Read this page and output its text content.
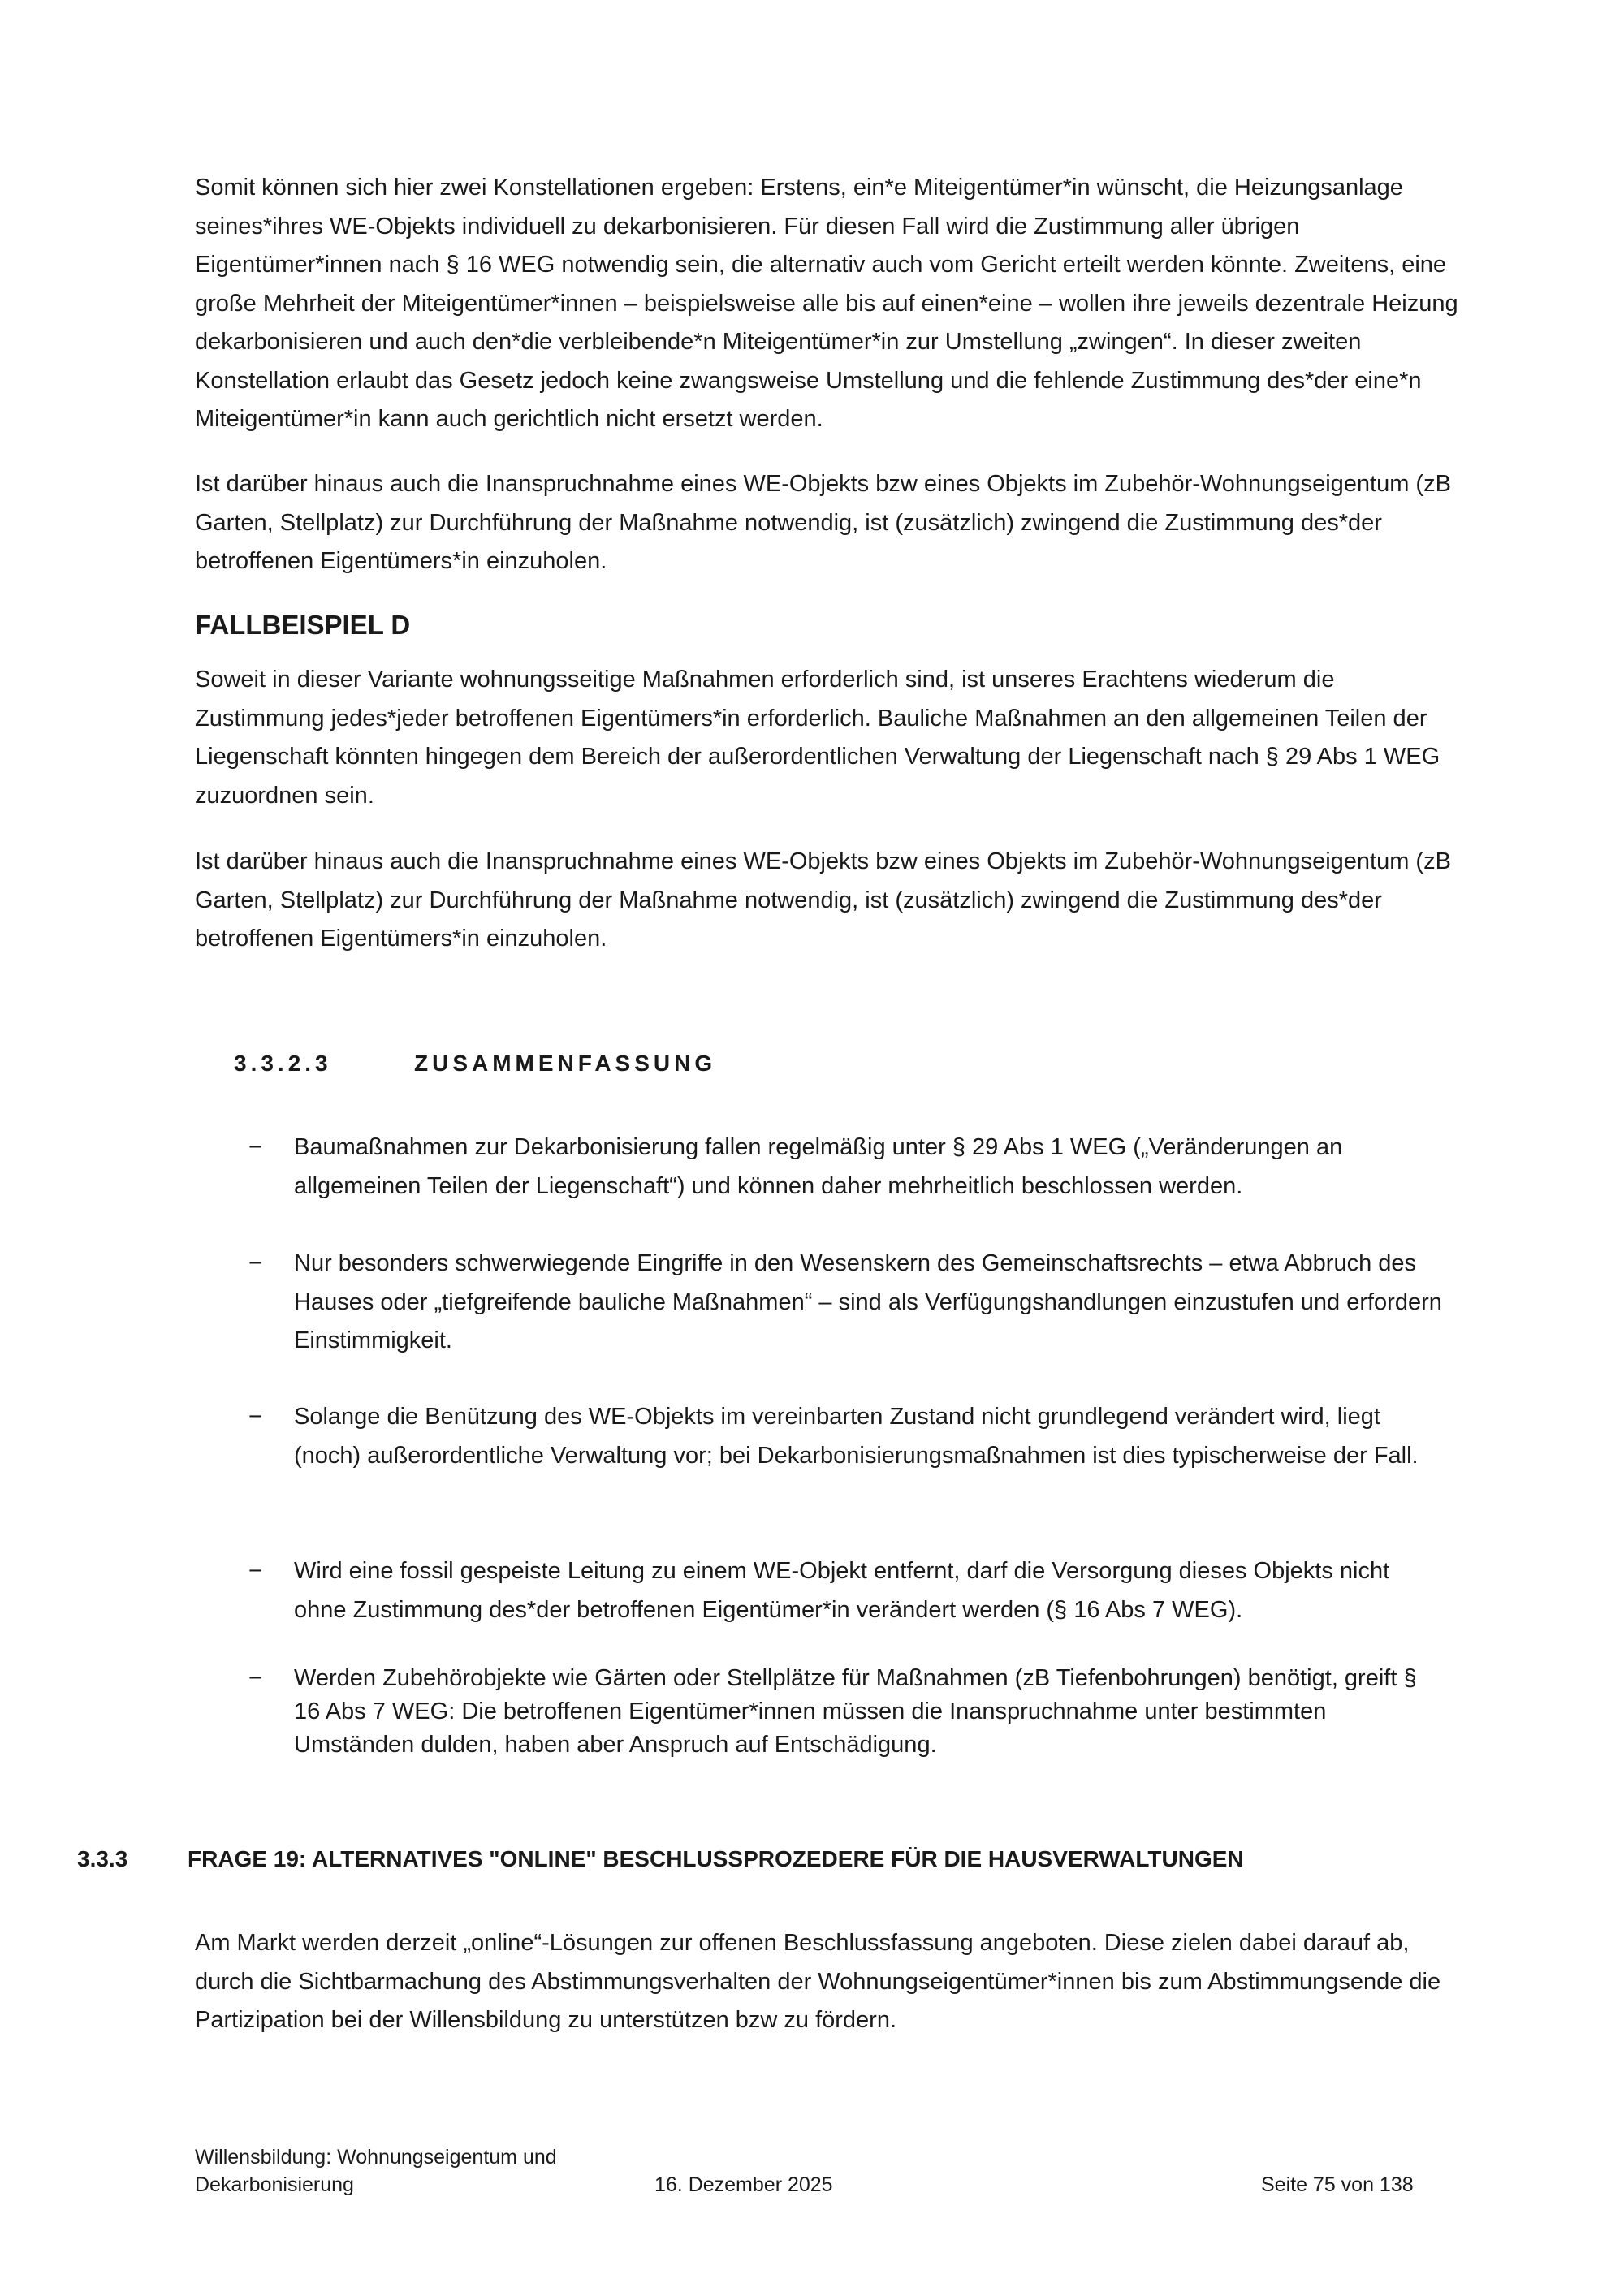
Somit können sich hier zwei Konstellationen ergeben: Erstens, ein*e Miteigentümer*in wünscht, die Heizungsanlage seines*ihres WE-Objekts individuell zu dekarbonisieren. Für diesen Fall wird die Zustimmung aller übrigen Eigentümer*innen nach § 16 WEG notwendig sein, die alternativ auch vom Gericht erteilt werden könnte. Zweitens, eine große Mehrheit der Miteigentümer*innen – beispielsweise alle bis auf einen*eine – wollen ihre jeweils dezentrale Heizung dekarbonisieren und auch den*die verbleibende*n Miteigentümer*in zur Umstellung „zwingen“. In dieser zweiten Konstellation erlaubt das Gesetz jedoch keine zwangsweise Umstellung und die fehlende Zustimmung des*der eine*n Miteigentümer*in kann auch gerichtlich nicht ersetzt werden.

Ist darüber hinaus auch die Inanspruchnahme eines WE-Objekts bzw eines Objekts im Zubehör-Wohnungseigentum (zB Garten, Stellplatz) zur Durchführung der Maßnahme notwendig, ist (zusätzlich) zwingend die Zustimmung des*der betroffenen Eigentümers*in einzuholen.

FALLBEISPIEL D

Soweit in dieser Variante wohnungsseitige Maßnahmen erforderlich sind, ist unseres Erachtens wiederum die Zustimmung jedes*jeder betroffenen Eigentümers*in erforderlich. Bauliche Maßnahmen an den allgemeinen Teilen der Liegenschaft könnten hingegen dem Bereich der außerordentlichen Verwaltung der Liegenschaft nach § 29 Abs 1 WEG zuzuordnen sein.

Ist darüber hinaus auch die Inanspruchnahme eines WE-Objekts bzw eines Objekts im Zubehör-Wohnungseigentum (zB Garten, Stellplatz) zur Durchführung der Maßnahme notwendig, ist (zusätzlich) zwingend die Zustimmung des*der betroffenen Eigentümers*in einzuholen.

3.3.2.3	ZUSAMMENFASSUNG
− Baumaßnahmen zur Dekarbonisierung fallen regelmäßig unter § 29 Abs 1 WEG („Veränderungen an allgemeinen Teilen der Liegenschaft“) und können daher mehrheitlich beschlossen werden.
− Nur besonders schwerwiegende Eingriffe in den Wesenskern des Gemeinschaftsrechts – etwa Abbruch des Hauses oder „tiefgreifende bauliche Maßnahmen“ – sind als Verfügungshandlungen einzustufen und erfordern Einstimmigkeit.
− Solange die Benützung des WE-Objekts im vereinbarten Zustand nicht grundlegend verändert wird, liegt (noch) außerordentliche Verwaltung vor; bei Dekarbonisierungsmaßnahmen ist dies typischerweise der Fall.
− Wird eine fossil gespeiste Leitung zu einem WE-Objekt entfernt, darf die Versorgung dieses Objekts nicht ohne Zustimmung des*der betroffenen Eigentümer*in verändert werden (§ 16 Abs 7 WEG).
− Werden Zubehörobjekte wie Gärten oder Stellplätze für Maßnahmen (zB Tiefenbohrungen) benötigt, greift § 16 Abs 7 WEG: Die betroffenen Eigentümer*innen müssen die Inanspruchnahme unter bestimmten Umständen dulden, haben aber Anspruch auf Entschädigung.
3.3.3	FRAGE 19: ALTERNATIVES "ONLINE" BESCHLUSSPROZEDERE FÜR DIE HAUSVERWALTUNGEN

Am Markt werden derzeit „online“-Lösungen zur offenen Beschlussfassung angeboten. Diese zielen dabei darauf ab, durch die Sichtbarmachung des Abstimmungsverhalten der Wohnungseigentümer*innen bis zum Abstimmungsende die Partizipation bei der Willensbildung zu unterstützen bzw zu fördern.

Willensbildung: Wohnungseigentum und Dekarbonisierung	16. Dezember 2025	Seite 75 von 138
